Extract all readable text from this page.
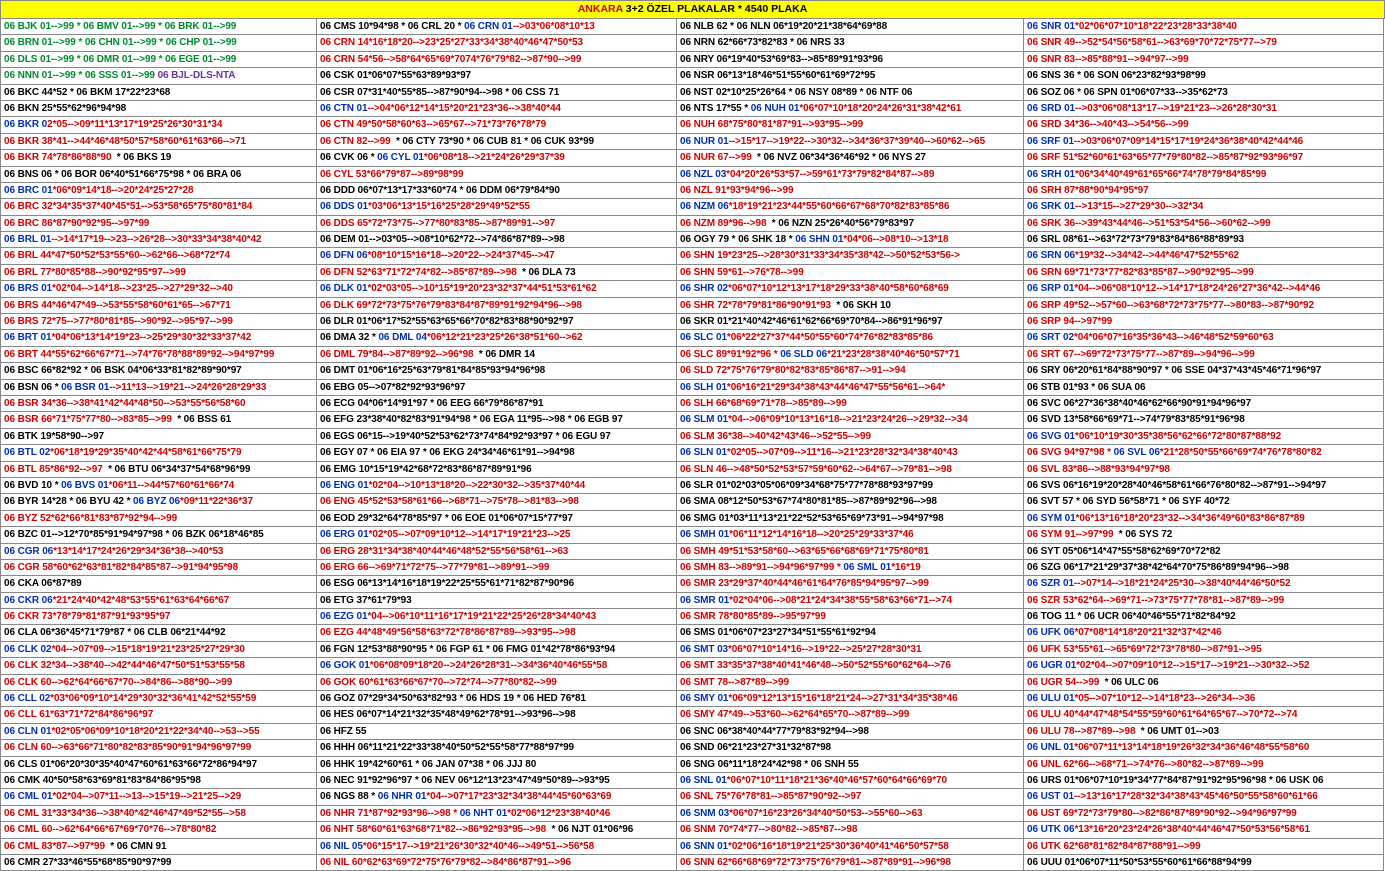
ANKARA 3+2 ÖZEL PLAKALAR * 4540 PLAKA
06 BJK 01-->99 * 06 BMV 01-->99 * 06 BRK 01-->99
06 BRN 01-->99 * 06 CHN 01-->99 * 06 CHP 01-->99
06 DLS 01-->99 * 06 DMR 01-->99 * 06 EGE 01-->99
06 NNN 01-->99 * 06 SSS 01-->99 06 BJL-DLS-NTA
06 BKC 44*52 * 06 BKM 17*22*23*68
06 BKN 25*55*62*96*94*98
06 BKR 02*05-->09*11*13*17*19*25*26*30*31*34
06 BKR 38*41-->44*46*48*50*57*58*60*61*63*66-->71
06 BKR 74*78*86*88*90  * 06 BKS 19
06 BNS 06 * 06 BOR 06*40*51*66*75*98 * 06 BRA 06
06 BRC 01*06*09*14*18-->20*24*25*27*28
06 BRC 32*34*35*37*40*45*51-->53*58*65*75*80*81*84
06 BRC 86*87*90*92*95-->97*99
06 BRL 01-->14*17*19-->23-->26*28-->30*33*34*38*40*42
06 BRL 44*47*50*52*53*55*60-->62*66-->68*72*74
06 BRL 77*80*85*88-->90*92*95*97-->99
06 BRS 01*02*04-->14*18-->23*25-->27*29*32-->40
06 BRS 44*46*47*49-->53*55*58*60*61*65-->67*71
06 BRS 72*75-->77*80*81*85-->90*92-->95*97-->99
06 BRT 01*04*06*13*14*19*23-->25*29*30*32*33*37*42
06 BRT 44*55*62*66*67*71-->74*76*78*88*89*92-->94*97*99
06 BSC 66*82*92 * 06 BSK 04*06*33*81*82*89*90*97
06 BSN 06 * 06 BSR 01-->11*13-->19*21-->24*26*28*29*33
06 BSR 34*36-->38*41*42*44*48*50-->53*55*56*58*60
06 BSR 66*71*75*77*80-->83*85-->99  * 06 BSS 61
06 BTK 19*58*90-->97
06 BTL 02*06*18*19*29*35*40*42*44*58*61*66*75*79
06 BTL 85*86*92-->97  * 06 BTU 06*34*37*54*68*96*99
06 BVD 10 * 06 BVS 01*06*11-->44*57*60*61*66*74
06 BYR 14*28 * 06 BYU 42 * 06 BYZ 06*09*11*22*36*37
06 BYZ 52*62*66*81*83*87*92*94-->99
06 BZC 01-->12*70*85*91*94*97*98 * 06 BZK 06*18*46*85
06 CGR 06*13*14*17*24*26*29*34*36*38-->40*53
06 CGR 58*60*62*63*81*82*84*85*87-->91*94*95*98
06 CKA 06*87*89
06 CKR 06*21*24*40*42*48*53*55*61*63*64*66*67
06 CKR 73*78*79*81*87*91*93*95*97
06 CLA 06*36*45*71*79*87 * 06 CLB 06*21*44*92
06 CLK 02*04-->07*09-->15*18*19*21*23*25*27*29*30
06 CLK 32*34-->38*40-->42*44*46*47*50*51*53*55*58
06 CLK 60-->62*64*66*67*70-->84*86-->88*90-->99
06 CLL 02*03*06*09*10*14*29*30*32*36*41*42*52*55*59
06 CLL 61*63*71*72*84*86*96*97
06 CLN 01*02*05*06*09*10*18*20*21*22*34*40-->53-->55
06 CLN 60-->63*66*71*80*82*83*85*90*91*94*96*97*99
06 CLS 01*06*20*30*35*40*47*60*61*63*66*72*86*94*97
06 CMK 40*50*58*63*69*81*83*84*86*95*98
06 CML 01*02*04-->07*11-->13-->15*19-->21*25-->29
06 CML 31*33*34*36-->38*40*42*46*47*49*52*55-->58
06 CML 60-->62*64*66*67*69*70*76-->78*80*82
06 CML 83*87-->97*99  * 06 CMN 91
06 CMR 27*33*46*55*68*85*90*97*99
06 CMS 10*94*98 * 06 CRL 20 * 06 CRN 01-->03*06*08*10*13
06 CRN 14*16*18*20-->23*25*27*33*34*38*40*46*47*50*53
06 CRN 54*56-->58*64*65*69*7074*76*79*82-->87*90-->99
06 CSK 01*06*07*55*63*89*93*97
06 CSR 07*31*40*55*85-->87*90*94-->98 * 06 CSS 71
06 CTN 01-->04*06*12*14*15*20*21*23*36-->38*40*44
06 CTN 49*50*58*60*63-->65*67-->71*73*76*78*79
06 CTN 82-->99  * 06 CTY 73*90 * 06 CUB 81 * 06 CUK 93*99
06 CVK 06 * 06 CYL 01*06*08*18-->21*24*26*29*37*39
06 CYL 53*66*79*87-->89*98*99
06 DDD 06*07*13*17*33*60*74 * 06 DDM 06*79*84*90
06 DDS 01*03*06*13*15*16*25*28*29*49*52*55
06 DDS 65*72*73*75-->77*80*83*85-->87*89*91-->97
06 DEM 01-->03*05-->08*10*62*72-->74*86*87*89-->98
06 DFN 06*08*10*15*16*18-->20*22-->24*37*45-->47
06 DFN 52*63*71*72*74*82-->85*87*89-->98  * 06 DLA 73
06 DLK 01*02*03*05-->10*15*19*20*23*32*37*44*51*53*61*62
06 DLK 69*72*73*75*76*79*83*84*87*89*91*92*94*96-->98
06 DLR 01*06*17*52*55*63*65*66*70*82*83*88*90*92*97
06 DMA 32 * 06 DML 04*06*12*21*23*25*26*38*51*60-->62
06 DML 79*84-->87*89*92-->96*98  * 06 DMR 14
06 DMT 01*06*16*25*63*79*81*84*85*93*94*96*98
06 EBG 05-->07*82*92*93*96*97
06 ECG 04*06*14*91*97 * 06 EEG 66*79*86*87*91
06 EFG 23*38*40*82*83*91*94*98 * 06 EGA 11*95-->98 * 06 EGB 97
06 EGS 06*15-->19*40*52*53*62*73*74*84*92*93*97 * 06 EGU 97
06 EGY 07 * 06 EIA 97 * 06 EKG 24*34*46*61*91-->94*98
06 EMG 10*15*19*42*68*72*83*86*87*89*91*96
06 ENG 01*02*04-->10*13*18*20-->22*30*32-->35*37*40*44
06 ENG 45*52*53*58*61*66-->68*71-->75*78-->81*83-->98
06 EOD 29*32*64*78*85*97 * 06 EOE 01*06*07*15*77*97
06 ERG 01*02*05-->07*09*10*12-->14*17*19*21*23-->25
06 ERG 28*31*34*38*40*44*46*48*52*55*56*58*61-->63
06 ERG 66-->69*71*72*75-->77*79*81-->89*91-->99
06 ESG 06*13*14*16*18*19*22*25*55*61*71*82*87*90*96
06 ETG 37*61*79*93
06 EZG 01*04-->06*10*11*16*17*19*21*22*25*26*28*34*40*43
06 EZG 44*48*49*56*58*63*72*78*86*87*89-->93*95-->98
06 FGN 12*53*88*90*95 * 06 FGP 61 * 06 FMG 01*42*78*86*93*94
06 GOK 01*06*08*09*18*20-->24*26*28*31-->34*36*40*46*55*58
06 GOK 60*61*63*66*67*70-->72*74-->77*80*82-->99
06 GOZ 07*29*34*50*63*82*93 * 06 HDS 19 * 06 HED 76*81
06 HES 06*07*14*21*32*35*48*49*62*78*91-->93*96-->98
06 HFZ 55
06 HHH 06*11*21*22*33*38*40*50*52*55*58*77*88*97*99
06 HHK 19*42*60*61 * 06 JAN 07*38 * 06 JJJ 80
06 NEC 91*92*96*97 * 06 NEV 06*12*13*23*47*49*50*89-->93*95
06 NGS 88 * 06 NHR 01*04-->07*17*23*32*34*38*44*45*60*63*69
06 NHR 71*87*92*93*96-->98 * 06 NHT 01*02*06*12*23*38*40*46
06 NHT 58*60*61*63*68*71*82-->86*92*93*95-->98  * 06 NJT 01*06*96
06 NIL 05*06*15*17-->19*21*26*30*32*40*46-->49*51-->56*58
06 NIL 60*62*63*69*72*75*76*79*82-->84*86*87*91-->96
06 NLB 62 * 06 NLN 06*19*20*21*38*64*69*88
06 NRN 62*66*73*82*83 * 06 NRS 33
06 NRY 06*19*40*53*69*83-->85*89*91*93*96
06 NSR 06*13*18*46*51*55*60*61*69*72*95
06 NST 02*10*25*26*64 * 06 NSY 08*89 * 06 NTF 06
06 NTS 17*55 * 06 NUH 01*06*07*10*18*20*24*26*31*38*42*61
06 NUH 68*75*80*81*87*91-->93*95-->99
06 NUR 01-->15*17-->19*22-->30*32-->34*36*37*39*40-->60*62-->65
06 NUR 67-->99  * 06 NVZ 06*34*36*46*92 * 06 NYS 27
06 NZL 03*04*20*26*53*57-->59*61*73*79*82*84*87-->89
06 NZL 91*93*94*96-->99
06 NZM 06*18*19*21*23*44*55*60*66*67*68*70*82*83*85*86
06 NZM 89*96-->98  * 06 NZN 25*26*40*56*79*83*97
06 OGY 79 * 06 SHK 18 * 06 SHN 01*04*06-->08*10-->13*18
06 SHN 19*23*25-->28*30*31*33*34*35*38*42-->50*52*53*56->
06 SHN 59*61-->76*78-->99
06 SHR 02*06*07*10*12*13*17*18*29*33*38*40*58*60*68*69
06 SHR 72*78*79*81*86*90*91*93  * 06 SKH 10
06 SKR 01*21*40*42*46*61*62*66*69*70*84-->86*91*96*97
06 SLC 01*06*22*27*37*44*50*55*60*74*76*82*83*85*86
06 SLC 89*91*92*96 * 06 SLD 06*21*23*28*38*40*46*50*57*71
06 SLD 72*75*76*79*80*82*83*85*86*87-->91-->94
06 SLH 01*06*16*21*29*34*38*43*44*46*47*55*56*61-->64*
06 SLH 66*68*69*71*78-->85*89-->99
06 SLM 01*04-->06*09*10*13*16*18-->21*23*24*26-->29*32-->34
06 SLM 36*38-->40*42*43*46-->52*55-->99
06 SLN 01*02*05-->07*09-->11*16-->21*23*28*32*34*38*40*43
06 SLN 46-->48*50*52*53*57*59*60*62-->64*67-->79*81-->98
06 SLR 01*02*03*05*06*09*34*68*75*77*78*88*93*97*99
06 SMA 08*12*50*53*67*74*80*81*85-->87*89*92*96-->98
06 SMG 01*03*11*13*21*22*52*53*65*69*73*91-->94*97*98
06 SMH 01*06*11*12*14*16*18-->20*25*29*33*37*46
06 SMH 49*51*53*58*60-->63*65*66*68*69*71*75*80*81
06 SMH 83-->89*91-->94*96*97*99 * 06 SML 01*16*19
06 SMR 23*29*37*40*44*46*61*64*76*85*94*95*97-->99
06 SMR 01*02*04*06-->08*21*24*34*38*55*58*63*66*71-->74
06 SMR 78*80*85*89-->95*97*99
06 SMS 01*06*07*23*27*34*51*55*61*92*94
06 SMT 03*06*07*10*14*16-->19*22-->25*27*28*30*31
06 SMT 33*35*37*38*40*41*46*48-->50*52*55*60*62*64-->76
06 SMT 78-->87*89-->99
06 SMY 01*06*09*12*13*15*16*18*21*24-->27*31*34*35*38*46
06 SMY 47*49-->53*60-->62*64*65*70-->87*89-->99
06 SNC 06*38*40*44*77*79*83*92*94-->98
06 SND 06*21*23*27*31*32*87*98
06 SNG 06*11*18*24*42*98 * 06 SNH 55
06 SNL 01*06*07*10*11*18*21*36*40*46*57*60*64*66*69*70
06 SNL 75*76*78*81-->85*87*90*92-->97
06 SNM 03*06*07*16*23*26*34*40*50*53-->55*60-->63
06 SNM 70*74*77-->80*82-->85*87-->98
06 SNN 01*02*06*16*18*19*21*25*30*36*40*41*46*50*57*58
06 SNN 62*66*68*69*72*73*75*76*79*81-->87*89*91-->96*98
06 SNR 01*02*06*07*10*18*22*23*28*33*38*40
06 SNR 49-->52*54*56*58*61-->63*69*70*72*75*77-->79
06 SNR 83-->85*88*91-->94*97-->99
06 SNS 36 * 06 SON 06*23*82*93*98*99
06 SOZ 06 * 06 SPN 01*06*07*33-->35*62*73
06 SRD 01-->03*06*08*13*17-->19*21*23-->26*28*30*31
06 SRD 34*36-->40*43-->54*56-->99
06 SRF 01-->03*06*07*09*14*15*17*19*24*36*38*40*42*44*46
06 SRF 51*52*60*61*63*65*77*79*80*82-->85*87*92*93*96*97
06 SRH 01*06*34*40*49*61*65*66*74*78*79*84*85*99
06 SRH 87*88*90*94*95*97
06 SRK 01-->13*15-->27*29*30-->32*34
06 SRK 36-->39*43*44*46-->51*53*54*56-->60*62-->99
06 SRL 08*61-->63*72*73*79*83*84*86*88*89*93
06 SRN 06*19*32-->34*42-->44*46*47*52*55*62
06 SRN 69*71*73*77*82*83*85*87-->90*92*95-->99
06 SRP 01*04-->06*08*10*12-->14*17*18*24*26*27*36*42-->44*46
06 SRP 49*52-->57*60-->63*68*72*73*75*77-->80*83-->87*90*92
06 SRP 94-->97*99
06 SRT 02*04*06*07*16*35*36*43-->46*48*52*59*60*63
06 SRT 67-->69*72*73*75*77-->87*89-->94*96-->99
06 SRY 06*20*61*84*88*90*97 * 06 SSE 04*37*43*45*46*71*96*97
06 STB 01*93 * 06 SUA 06
06 SVC 06*27*36*38*40*46*62*66*90*91*94*96*97
06 SVD 13*58*66*69*71-->74*79*83*85*91*96*98
06 SVG 01*06*10*19*30*35*38*56*62*66*72*80*87*88*92
06 SVG 94*97*98 * 06 SVL 06*21*28*50*55*66*69*74*76*78*80*82
06 SVL 83*86-->88*93*94*97*98
06 SVS 06*16*19*20*28*40*46*58*61*66*76*80*82-->87*91-->94*97
06 SVT 57 * 06 SYD 56*58*71 * 06 SYF 40*72
06 SYM 01*06*13*16*18*20*23*32-->34*36*49*60*83*86*87*89
06 SYM 91-->97*99  * 06 SYS 72
06 SYT 05*06*14*47*55*58*62*69*70*72*82
06 SZG 06*17*21*29*37*38*42*64*70*75*86*89*94*96-->98
06 SZR 01-->07*14-->18*21*24*25*30-->38*40*44*46*50*52
06 SZR 53*62*64-->69*71-->73*75*77*78*81-->87*89-->99
06 TOG 11 * 06 UCR 06*40*46*55*71*82*84*92
06 UFK 06*07*08*14*18*20*21*32*37*42*46
06 UFK 53*55*61-->65*69*72*73*78*80-->87*91-->95
06 UGR 01*02*04-->07*09*10*12-->15*17-->19*21-->30*32-->52
06 UGR 54-->99  * 06 ULC 06
06 ULU 01*05-->07*10*12-->14*18*23-->26*34-->36
06 ULU 40*44*47*48*54*55*59*60*61*64*65*67-->70*72-->74
06 ULU 78-->87*89-->98  * 06 UMT 01-->03
06 UNL 01*06*07*11*13*14*18*19*26*32*34*36*46*48*55*58*60
06 UNL 62*66-->68*71-->74*76-->80*82-->87*89-->99
06 URS 01*06*07*10*19*34*77*84*87*91*92*95*96*98 * 06 USK 06
06 UST 01-->13*16*17*28*32*34*38*43*45*46*50*55*58*60*61*66
06 UST 69*72*73*79*80-->82*86*87*89*90*92-->94*96*97*99
06 UTK 06*13*16*20*23*24*26*38*40*44*46*47*50*53*56*58*61
06 UTK 62*68*81*82*84*87*88*91-->99
06 UUU 01*06*07*11*50*53*55*60*61*66*88*94*99
